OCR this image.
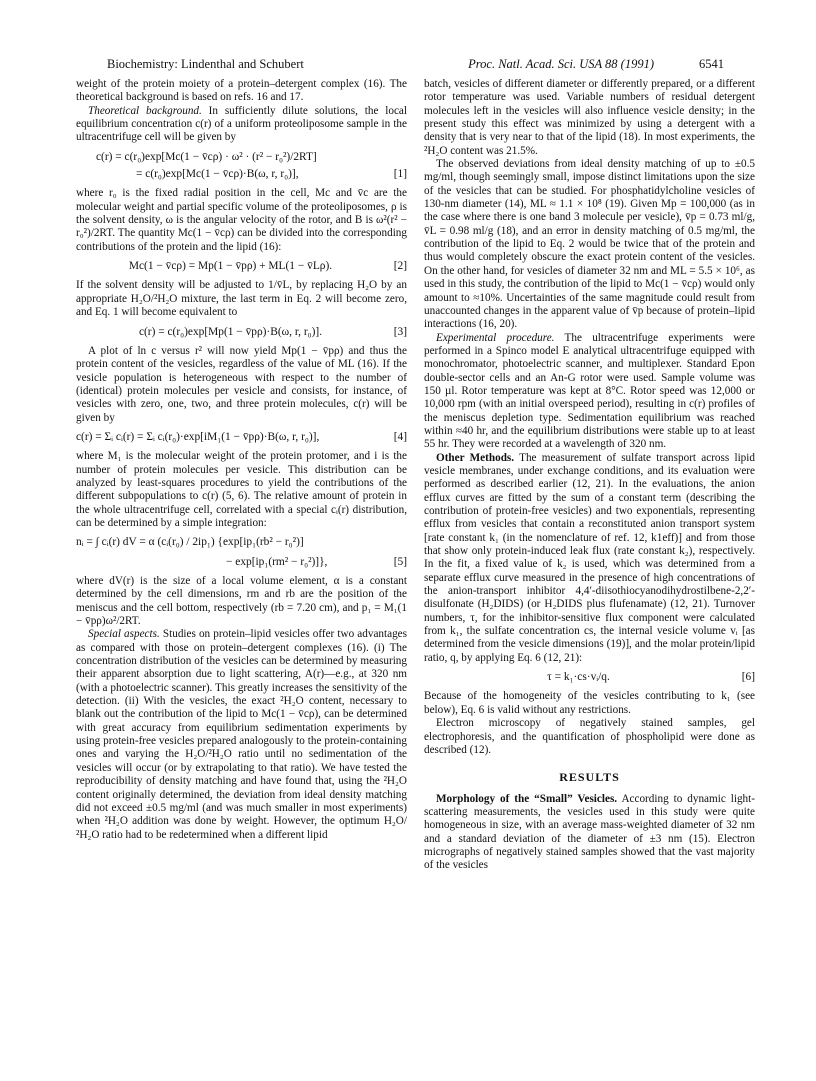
Biochemistry: Lindenthal and Schubert	Proc. Natl. Acad. Sci. USA 88 (1991)	6541

weight of the protein moiety of a protein–detergent complex (16). The theoretical background is based on refs. 16 and 17.

Theoretical background. In sufficiently dilute solutions, the local equilibrium concentration c(r) of a uniform proteoliposome sample in the ultracentrifuge cell will be given by

c(r) = c(r₀)exp[Mc(1 − v̄cρ) · ω² · (r² − r₀²)/2RT]
= c(r₀)exp[Mc(1 − v̄cρ)·B(ω, r, r₀)],	[1]

where r₀ is the fixed radial position in the cell, Mc and v̄c are the molecular weight and partial specific volume of the proteoliposomes, ρ is the solvent density, ω is the angular velocity of the rotor, and B is ω²(r² − r₀²)/2RT. The quantity Mc(1 − v̄cρ) can be divided into the corresponding contributions of the protein and the lipid (16):

Mc(1 − v̄cρ) = Mp(1 − v̄pρ) + ML(1 − v̄Lρ).	[2]

If the solvent density will be adjusted to 1/v̄L, by replacing H₂O by an appropriate H₂O/²H₂O mixture, the last term in Eq. 2 will become zero, and Eq. 1 will become equivalent to

c(r) = c(r₀)exp[Mp(1 − v̄pρ)·B(ω, r, r₀)].	[3]

A plot of ln c versus r² will now yield Mp(1 − v̄pρ) and thus the protein content of the vesicles, regardless of the value of ML (16). If the vesicle population is heterogeneous with respect to the number of (identical) protein molecules per vesicle and consists, for instance, of vesicles with zero, one, two, and three protein molecules, c(r) will be given by

c(r) = Σᵢ cᵢ(r) = Σᵢ cᵢ(r₀)·exp[iM₁(1 − v̄pρ)·B(ω, r, r₀)],	[4]

where M₁ is the molecular weight of the protein protomer, and i is the number of protein molecules per vesicle. This distribution can be analyzed by least-squares procedures to yield the contributions of the different subpopulations to c(r) (5, 6). The relative amount of protein in the whole ultracentrifuge cell, correlated with a special cᵢ(r) distribution, can be determined by a simple integration:

nᵢ = ∫ cᵢ(r) dV = α (cᵢ(r₀) / 2ip₁) {exp[ip₁(rb² − r₀²)]
− exp[ip₁(rm² − r₀²)]},	[5]

where dV(r) is the size of a local volume element, α is a constant determined by the cell dimensions, rm and rb are the position of the meniscus and the cell bottom, respectively (rb = 7.20 cm), and p₁ = M₁(1 − v̄pρ)ω²/2RT.

Special aspects. Studies on protein–lipid vesicles offer two advantages as compared with those on protein–detergent complexes (16). (i) The concentration distribution of the vesicles can be determined by measuring their apparent absorption due to light scattering, A(r)—e.g., at 320 nm (with a photoelectric scanner). This greatly increases the sensitivity of the detection. (ii) With the vesicles, the exact ²H₂O content, necessary to blank out the contribution of the lipid to Mc(1 − v̄cρ), can be determined with great accuracy from equilibrium sedimentation experiments by using protein-free vesicles prepared analogously to the protein-containing ones and varying the H₂O/²H₂O ratio until no sedimentation of the vesicles will occur (or by extrapolating to that ratio). We have tested the reproducibility of density matching and have found that, using the ²H₂O content originally determined, the deviation from ideal density matching did not exceed ±0.5 mg/ml (and was much smaller in most experiments) when ²H₂O addition was done by weight. However, the optimum H₂O/²H₂O ratio had to be redetermined when a different lipid

batch, vesicles of different diameter or differently prepared, or a different rotor temperature was used. Variable numbers of residual detergent molecules left in the vesicles will also influence vesicle density; in the present study this effect was minimized by using a detergent with a density that is very near to that of the lipid (18). In most experiments, the ²H₂O content was 21.5%.

The observed deviations from ideal density matching of up to ±0.5 mg/ml, though seemingly small, impose distinct limitations upon the size of the vesicles that can be studied. For phosphatidylcholine vesicles of 130-nm diameter (14), ML ≈ 1.1 × 10⁸ (19). Given Mp = 100,000 (as in the case where there is one band 3 molecule per vesicle), v̄p = 0.73 ml/g, v̄L = 0.98 ml/g (18), and an error in density matching of 0.5 mg/ml, the contribution of the lipid to Eq. 2 would be twice that of the protein and thus would completely obscure the exact protein content of the vesicles. On the other hand, for vesicles of diameter 32 nm and ML = 5.5 × 10⁶, as used in this study, the contribution of the lipid to Mc(1 − v̄cρ) would only amount to ≈10%. Uncertainties of the same magnitude could result from unaccounted changes in the apparent value of v̄p because of protein–lipid interactions (16, 20).

Experimental procedure. The ultracentrifuge experiments were performed in a Spinco model E analytical ultracentrifuge equipped with monochromator, photoelectric scanner, and multiplexer. Standard Epon double-sector cells and an An-G rotor were used. Sample volume was 150 µl. Rotor temperature was kept at 8°C. Rotor speed was 12,000 or 10,000 rpm (with an initial overspeed period), resulting in c(r) profiles of the meniscus depletion type. Sedimentation equilibrium was reached within ≈40 hr, and the equilibrium distributions were stable up to at least 55 hr. They were recorded at a wavelength of 320 nm.

Other Methods. The measurement of sulfate transport across lipid vesicle membranes, under exchange conditions, and its evaluation were performed as described earlier (12, 21). In the evaluations, the anion efflux curves are fitted by the sum of a constant term (describing the contribution of protein-free vesicles) and two exponentials, representing efflux from vesicles that contain a reconstituted anion transport system [rate constant k₁ (in the nomenclature of ref. 12, k1eff)] and from those that show only protein-induced leak flux (rate constant k₂), respectively. In the fit, a fixed value of k₂ is used, which was determined from a separate efflux curve measured in the presence of high concentrations of the anion-transport inhibitor 4,4′-diisothiocyanodihydrostilbene-2,2′-disulfonate (H₂DIDS) (or H₂DIDS plus flufenamate) (12, 21). Turnover numbers, τ, for the inhibitor-sensitive flux component were calculated from k₁, the sulfate concentration cs, the internal vesicle volume vᵢ [as determined from the vesicle dimensions (19)], and the molar protein/lipid ratio, q, by applying Eq. 6 (12, 21):

τ = k₁·cs·vᵢ/q.	[6]

Because of the homogeneity of the vesicles contributing to k₁ (see below), Eq. 6 is valid without any restrictions.

Electron microscopy of negatively stained samples, gel electrophoresis, and the quantification of phospholipid were done as described (12).

RESULTS

Morphology of the “Small” Vesicles. According to dynamic light-scattering measurements, the vesicles used in this study were quite homogeneous in size, with an average mass-weighted diameter of 32 nm and a standard deviation of the diameter of ±3 nm (15). Electron micrographs of negatively stained samples showed that the vast majority of the vesicles
